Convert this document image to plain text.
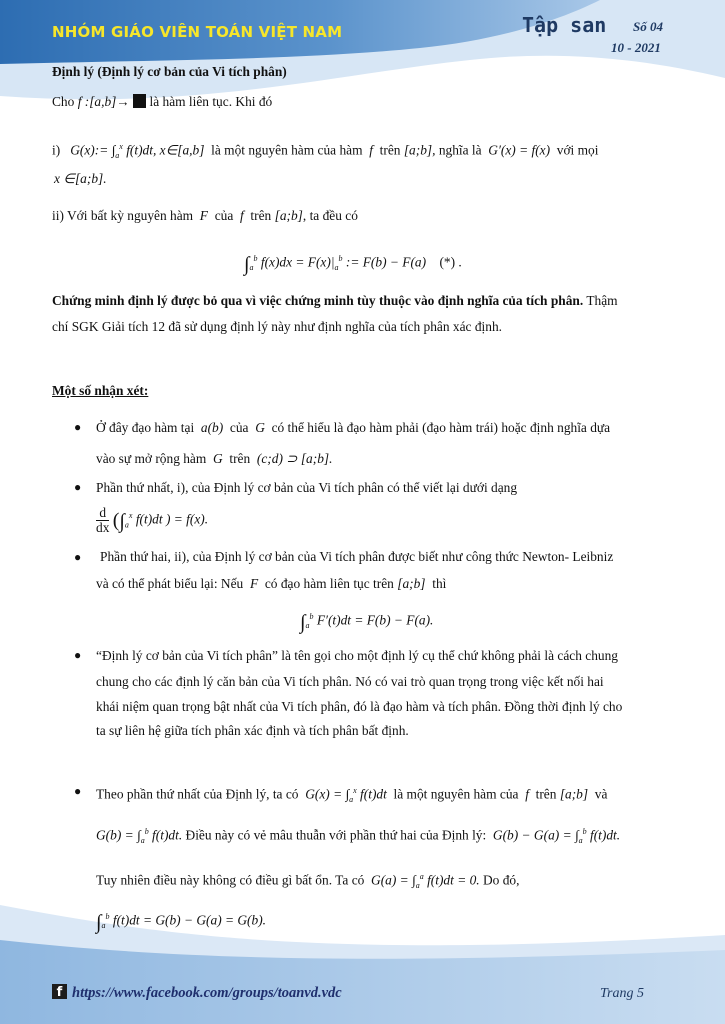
NHÓM GIÁO VIÊN TOÁN VIỆT NAM	Tập san Số 04
10 - 2021
Định lý (Định lý cơ bản của Vi tích phân)
Cho f :[a,b]→ là hàm liên tục. Khi đó
i) G(x):= $\int_a^x$ f(t)dt, x∈[a,b] là một nguyên hàm của hàm f trên [a;b], nghĩa là G′(x) = f(x) với mọi
x ∈[a;b].
ii) Với bất kỳ nguyên hàm F của f trên [a;b], ta đều có
$\int_a^b$ $f(x)dx = F(x)|_a^b$ := F(b) − F(a) (*) .
Chứng minh định lý được bỏ qua vì việc chứng minh tùy thuộc vào định nghĩa của tích phân. Thậm
chí SGK Giải tích 12 đã sử dụng định lý này như định nghĩa của tích phân xác định.
Một số nhận xét:
● Ở đây đạo hàm tại a(b) của G có thể hiểu là đạo hàm phải (đạo hàm trái) hoặc định nghĩa dựa
vào sự mở rộng hàm G trên (c;d) ⊃ [a;b].
● Phần thứ nhất, i), của Định lý cơ bản của Vi tích phân có thể viết lại dưới dạng
$\frac{d}{dx} (\int_a^x$ f(t)dt ) = f(x).
● Phần thứ hai, ii), của Định lý cơ bản của Vi tích phân được biết như công thức Newton- Leibniz
và có thể phát biểu lại: Nếu F có đạo hàm liên tục trên [a;b] thì
$\int_a^b$ F′(t)dt = F(b) − F(a).
● “Định lý cơ bản của Vi tích phân” là tên gọi cho một định lý cụ thể chứ không phải là cách chung
chung cho các định lý căn bản của Vi tích phân. Nó có vai trò quan trọng trong việc kết nối hai
khái niệm quan trọng bật nhất của Vi tích phân, đó là đạo hàm và tích phân. Đồng thời định lý cho
ta sự liên hệ giữa tích phân xác định và tích phân bất định.
● Theo phần thứ nhất của Định lý, ta có $G(x) = \int_a^x$ f(t)dt là một nguyên hàm của f trên [a;b] và
$G(b) = \int_a^b$ f(t)dt. Điều này có vẻ mâu thuẫn với phần thứ hai của Định lý: $G(b) - G(a) = \int_a^b$ f(t)dt.
Tuy nhiên điều này không có điều gì bất ổn. Ta có $G(a) = \int_a^a$ f(t)dt = 0. Do đó,
$\int_a^b$ f(t)dt = G(b) − G(a) = G(b).
f https://www.facebook.com/groups/toanvd.vdc	Trang 5
